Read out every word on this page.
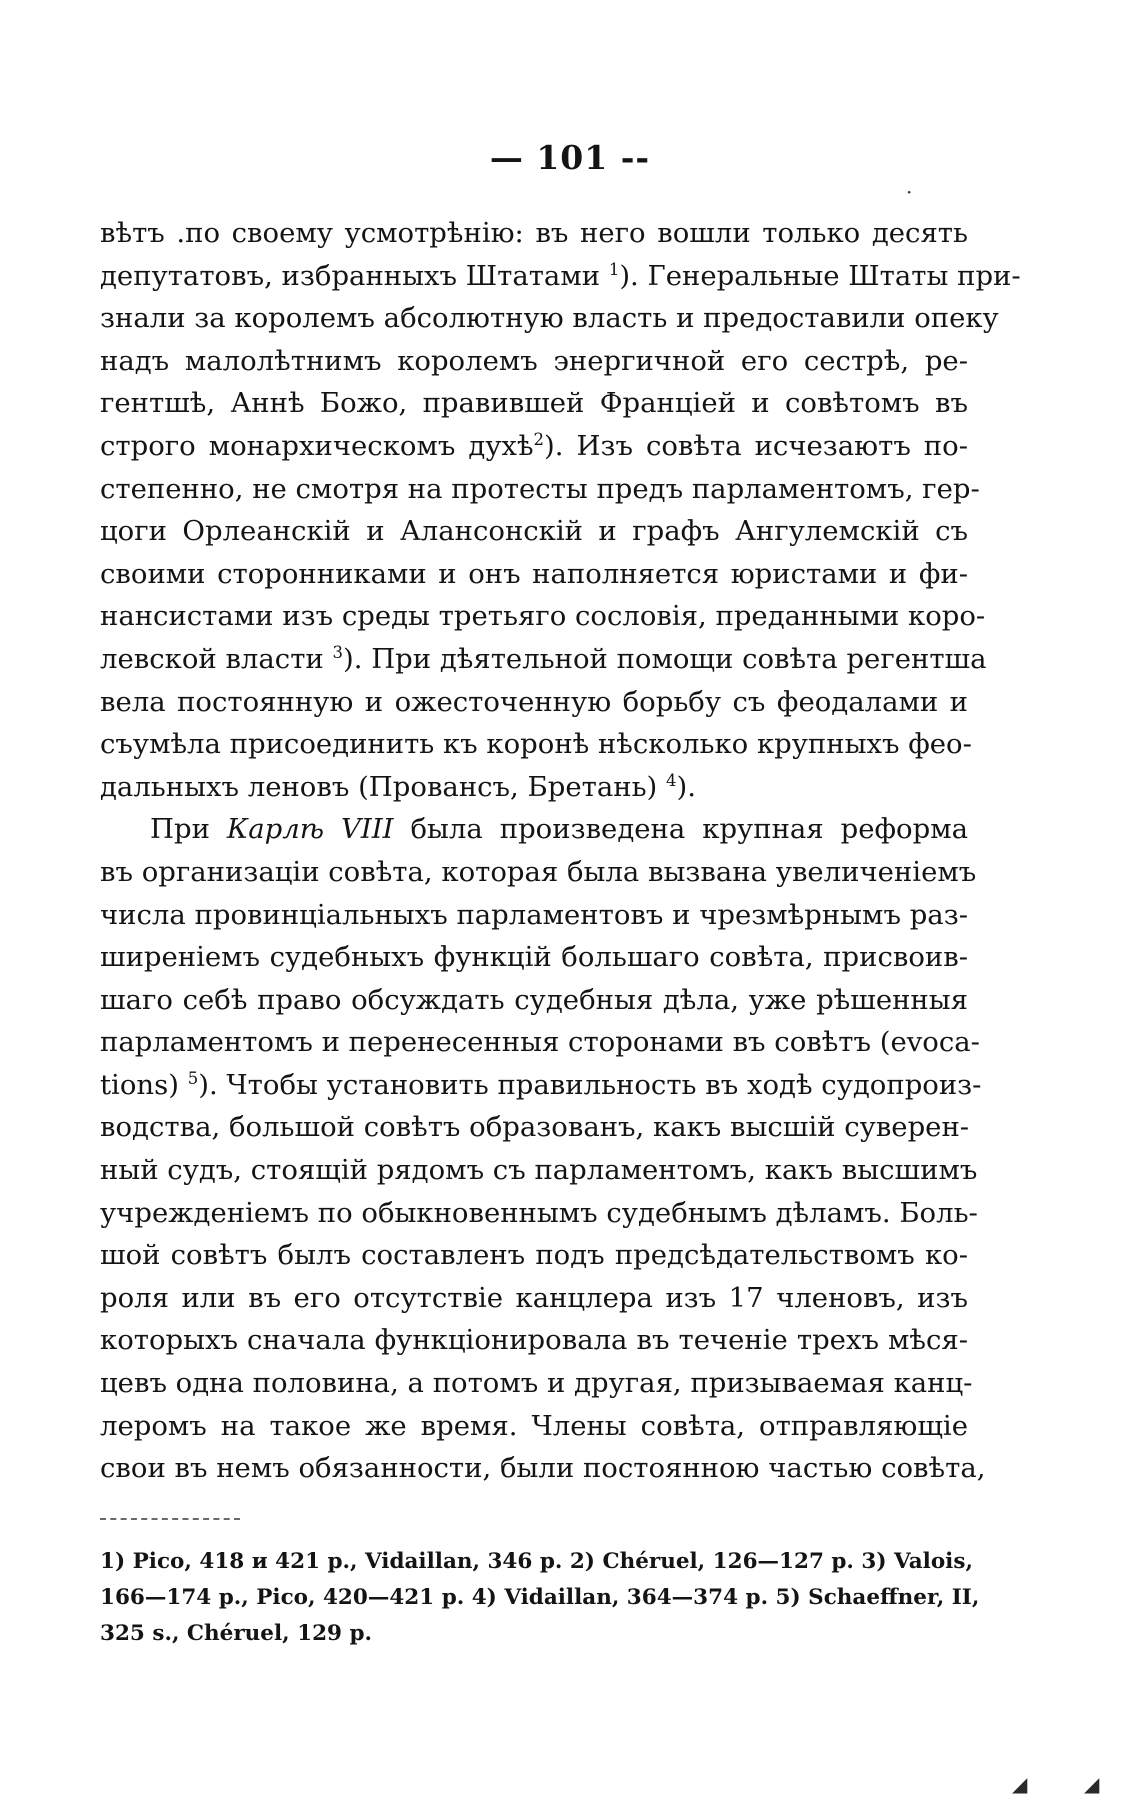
— 101 --
вѣтъ .по своему усмотрѣнію: въ него вошли только десять
депутатовъ, избранныхъ Штатами $^1$). Генеральные Штаты при-
знали за королемъ абсолютную власть и предоставили опеку
надъ малолѣтнимъ королемъ энергичной его сестрѣ, ре-
гентшѣ, Аннѣ Божо, правившей Франціей и совѣтомъ въ
строго монархическомъ духѣ$^2$). Изъ совѣта исчезаютъ по-
степенно, не смотря на протесты предъ парламентомъ, гер-
цоги Орлеанскій и Алансонскій и графъ Ангулемскій съ
своими сторонниками и онъ наполняется юристами и фи-
нансистами изъ среды третьяго сословія, преданными коро-
левской власти $^3$). При дѣятельной помощи совѣта регентша
вела постоянную и ожесточенную борьбу съ феодалами и
съумѣла присоединить къ коронѣ нѣсколько крупныхъ фео-
дальныхъ леновъ (Провансъ, Бретань) $^4$).
При Карлѣ VIII была произведена крупная реформа
въ организаціи совѣта, которая была вызвана увеличеніемъ
числа провинціальныхъ парламентовъ и чрезмѣрнымъ раз-
ширеніемъ судебныхъ функцій большаго совѣта, присвоив-
шаго себѣ право обсуждать судебныя дѣла, уже рѣшенныя
парламентомъ и перенесенныя сторонами въ совѣтъ (evoca-
tions) $^5$). Чтобы установить правильность въ ходѣ судопроиз-
водства, большой совѣтъ образованъ, какъ высшій суверен-
ный судъ, стоящій рядомъ съ парламентомъ, какъ высшимъ
учрежденіемъ по обыкновеннымъ судебнымъ дѣламъ. Боль-
шой совѣтъ былъ составленъ подъ предсѣдательствомъ ко-
роля или въ его отсутствіе канцлера изъ 17 членовъ, изъ
которыхъ сначала функціонировала въ теченіе трехъ мѣся-
цевъ одна половина, а потомъ и другая, призываемая канц-
леромъ на такое же время. Члены совѣта, отправляющіе
свои въ немъ обязанности, были постоянною частью совѣта,
1) Pico, 418 и 421 p., Vidaillan, 346 p. 2) Chéruel, 126—127 p. 3) Valois,
166—174 p., Pico, 420—421 p. 4) Vidaillan, 364—374 p. 5) Schaeffner, II,
325 s., Chéruel, 129 p.
·
◢	◢
